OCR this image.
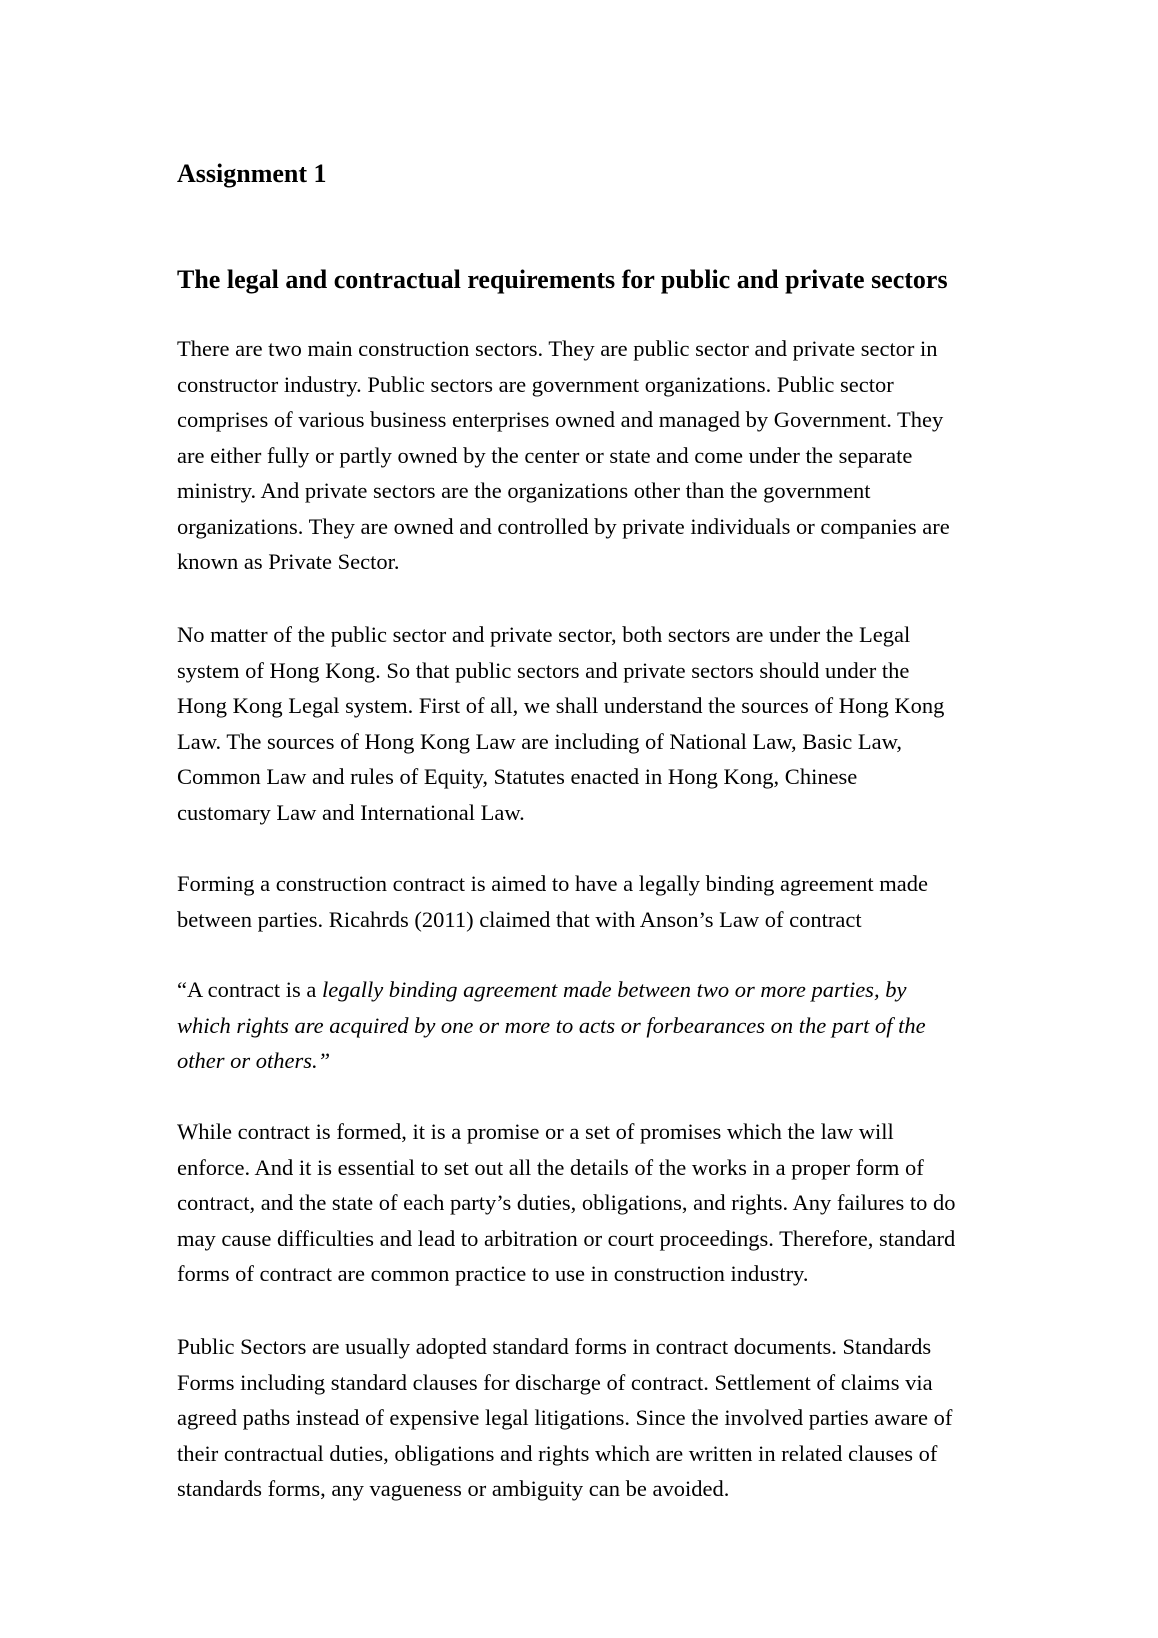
Assignment 1
The legal and contractual requirements for public and private sectors

There are two main construction sectors. They are public sector and private sector in
constructor industry. Public sectors are government organizations. Public sector
comprises of various business enterprises owned and managed by Government. They
are either fully or partly owned by the center or state and come under the separate
ministry. And private sectors are the organizations other than the government
organizations. They are owned and controlled by private individuals or companies are
known as Private Sector.

No matter of the public sector and private sector, both sectors are under the Legal
system of Hong Kong. So that public sectors and private sectors should under the
Hong Kong Legal system. First of all, we shall understand the sources of Hong Kong
Law. The sources of Hong Kong Law are including of National Law, Basic Law,
Common Law and rules of Equity, Statutes enacted in Hong Kong, Chinese
customary Law and International Law.

Forming a construction contract is aimed to have a legally binding agreement made
between parties. Ricahrds (2011) claimed that with Anson’s Law of contract

“A contract is a legally binding agreement made between two or more parties, by
which rights are acquired by one or more to acts or forbearances on the part of the
other or others.”

While contract is formed, it is a promise or a set of promises which the law will
enforce. And it is essential to set out all the details of the works in a proper form of
contract, and the state of each party’s duties, obligations, and rights. Any failures to do
may cause difficulties and lead to arbitration or court proceedings. Therefore, standard
forms of contract are common practice to use in construction industry.

Public Sectors are usually adopted standard forms in contract documents. Standards
Forms including standard clauses for discharge of contract. Settlement of claims via
agreed paths instead of expensive legal litigations. Since the involved parties aware of
their contractual duties, obligations and rights which are written in related clauses of
standards forms, any vagueness or ambiguity can be avoided.
